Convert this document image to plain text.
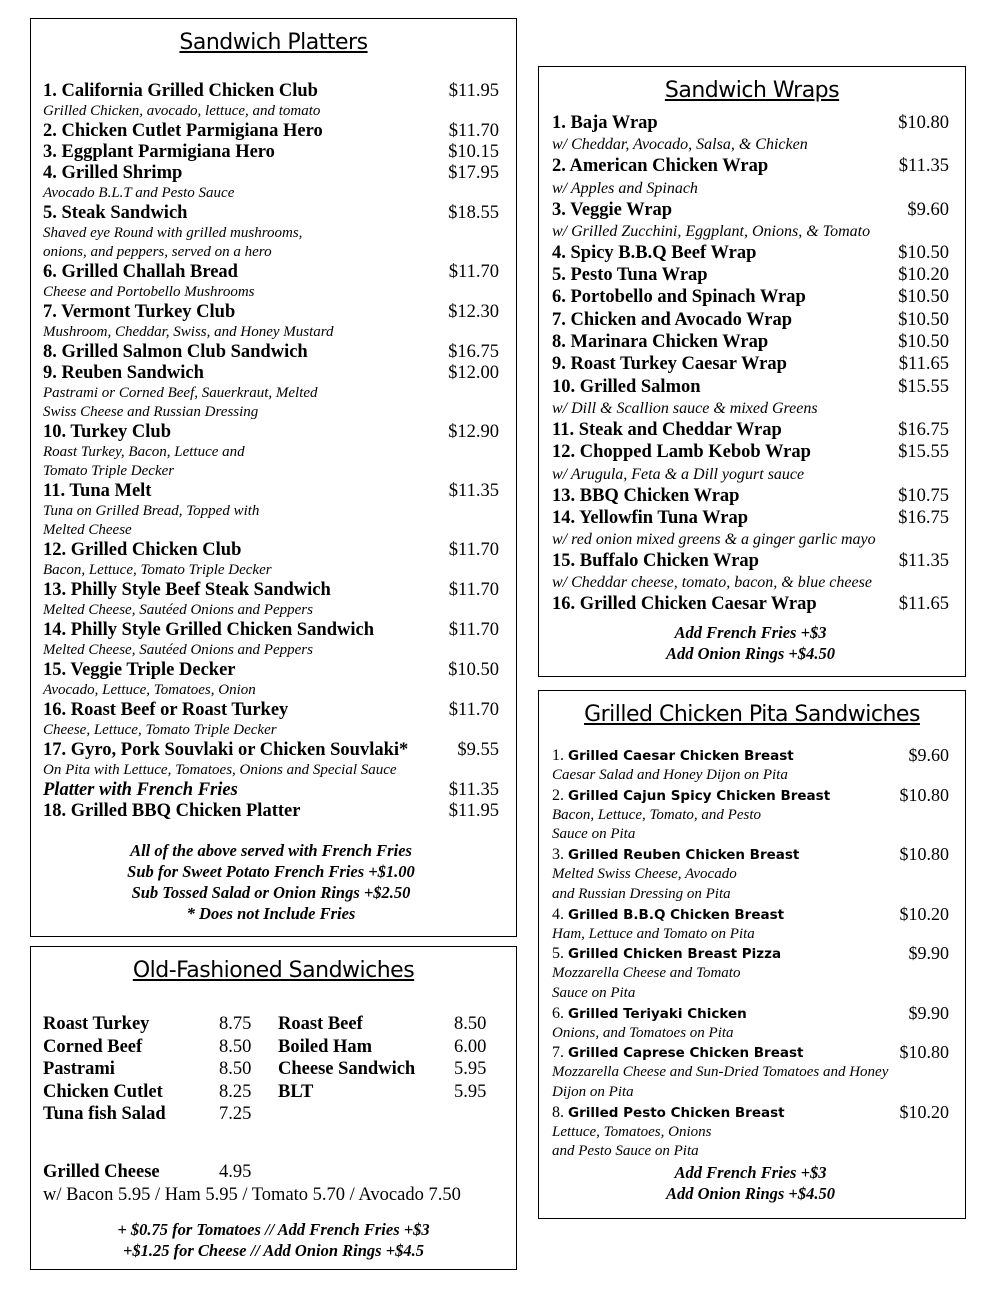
Sandwich Platters
1. California Grilled Chicken Club	$11.95
Grilled Chicken, avocado, lettuce, and tomato
2. Chicken Cutlet Parmigiana Hero	$11.70
3. Eggplant Parmigiana Hero	$10.15
4. Grilled Shrimp	$17.95
Avocado B.L.T and Pesto Sauce
5. Steak Sandwich	$18.55
Shaved eye Round with grilled mushrooms,
onions, and peppers, served on a hero
6. Grilled Challah Bread	$11.70
Cheese and Portobello Mushrooms
7. Vermont Turkey Club	$12.30
Mushroom, Cheddar, Swiss, and Honey Mustard
8. Grilled Salmon Club Sandwich	$16.75
9. Reuben Sandwich	$12.00
Pastrami or Corned Beef, Sauerkraut, Melted
Swiss Cheese and Russian Dressing
10. Turkey Club	$12.90
Roast Turkey, Bacon, Lettuce and
Tomato Triple Decker
11. Tuna Melt	$11.35
Tuna on Grilled Bread, Topped with
Melted Cheese
12. Grilled Chicken Club	$11.70
Bacon, Lettuce, Tomato Triple Decker
13. Philly Style Beef Steak Sandwich	$11.70
Melted Cheese, Sautéed Onions and Peppers
14. Philly Style Grilled Chicken Sandwich	$11.70
Melted Cheese, Sautéed Onions and Peppers
15. Veggie Triple Decker	$10.50
Avocado, Lettuce, Tomatoes, Onion
16. Roast Beef or Roast Turkey	$11.70
Cheese, Lettuce, Tomato Triple Decker
17. Gyro, Pork Souvlaki or Chicken Souvlaki*	$9.55
On Pita with Lettuce, Tomatoes, Onions and Special Sauce
Platter with French Fries	$11.35
18. Grilled BBQ Chicken Platter	$11.95
All of the above served with French Fries
Sub for Sweet Potato French Fries +$1.00
Sub Tossed Salad or Onion Rings +$2.50
* Does not Include Fries
Old-Fashioned Sandwiches
Roast Turkey	8.75
Corned Beef	8.50
Pastrami	8.50
Chicken Cutlet	8.25
Tuna fish Salad	7.25
Roast Beef	8.50
Boiled Ham	6.00
Cheese Sandwich 5.95
BLT	5.95
Grilled Cheese	4.95
w/ Bacon 5.95 / Ham 5.95 / Tomato 5.70 / Avocado 7.50
+ $0.75 for Tomatoes // Add French Fries +$3
+$1.25 for Cheese // Add Onion Rings +$4.5
Sandwich Wraps
1. Baja Wrap	$10.80
w/ Cheddar, Avocado, Salsa, & Chicken
2. American Chicken Wrap	$11.35
w/ Apples and Spinach
3. Veggie Wrap	$9.60
w/ Grilled Zucchini, Eggplant, Onions, & Tomato
4. Spicy B.B.Q Beef Wrap	$10.50
5. Pesto Tuna Wrap	$10.20
6. Portobello and Spinach Wrap	$10.50
7. Chicken and Avocado Wrap	$10.50
8. Marinara Chicken Wrap	$10.50
9. Roast Turkey Caesar Wrap	$11.65
10. Grilled Salmon	$15.55
w/ Dill & Scallion sauce & mixed Greens
11. Steak and Cheddar Wrap	$16.75
12. Chopped Lamb Kebob Wrap	$15.55
w/ Arugula, Feta & a Dill yogurt sauce
13. BBQ Chicken Wrap	$10.75
14. Yellowfin Tuna Wrap	$16.75
w/ red onion mixed greens & a ginger garlic mayo
15. Buffalo Chicken Wrap	$11.35
w/ Cheddar cheese, tomato, bacon, & blue cheese
16. Grilled Chicken Caesar Wrap	$11.65
Add French Fries +$3
Add Onion Rings +$4.50
Grilled Chicken Pita Sandwiches
1. Grilled Caesar Chicken Breast	$9.60
Caesar Salad and Honey Dijon on Pita
2. Grilled Cajun Spicy Chicken Breast	$10.80
Bacon, Lettuce, Tomato, and Pesto
Sauce on Pita
3. Grilled Reuben Chicken Breast	$10.80
Melted Swiss Cheese, Avocado
and Russian Dressing on Pita
4. Grilled B.B.Q Chicken Breast	$10.20
Ham, Lettuce and Tomato on Pita
5. Grilled Chicken Breast Pizza	$9.90
Mozzarella Cheese and Tomato
Sauce on Pita
6. Grilled Teriyaki Chicken	$9.90
Onions, and Tomatoes on Pita
7. Grilled Caprese Chicken Breast	$10.80
Mozzarella Cheese and Sun-Dried Tomatoes and Honey
Dijon on Pita
8. Grilled Pesto Chicken Breast	$10.20
Lettuce, Tomatoes, Onions
and Pesto Sauce on Pita
Add French Fries +$3
Add Onion Rings +$4.50
